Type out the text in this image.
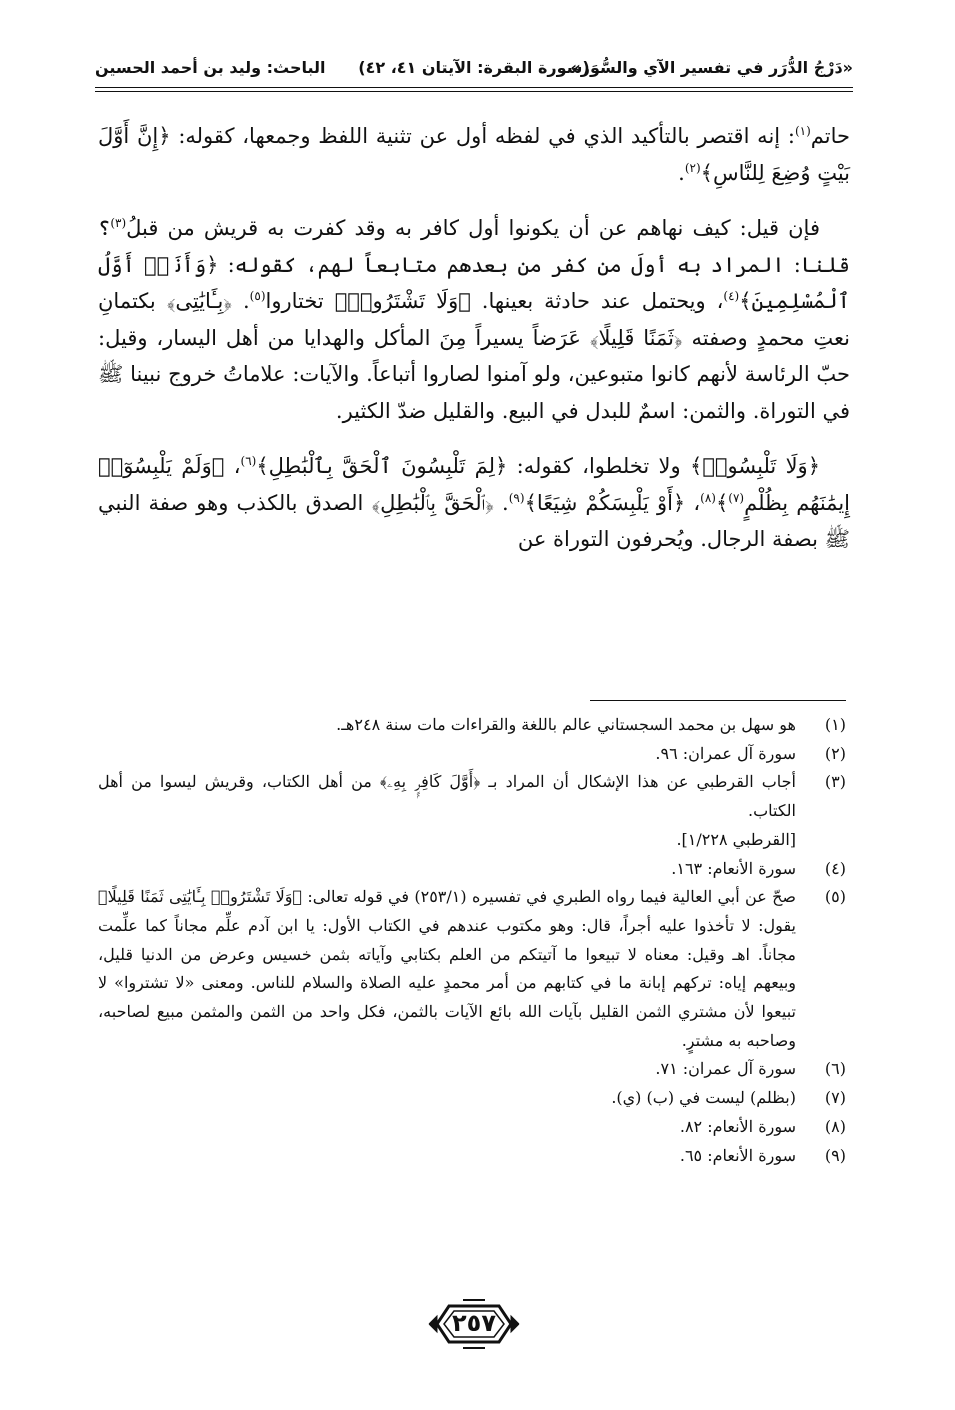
«دَرْجُ الدُّرَر في تفسير الآي والسُّوَر»
(سورة البقرة: الآيتان ٤١، ٤٢)
الباحث: وليد بن أحمد الحسين

حاتم$^{(١)}$: إنه اقتصر بالتأكيد الذي في لفظه أول عن تثنية اللفظ وجمعها، كقوله: ﴿إِنَّ أَوَّلَ بَيْتٍ وُضِعَ لِلنَّاسِ﴾$^{(٢)}$.

فإن قيل: كيف نهاهم عن أن يكونوا أول كافر به وقد كفرت به قريش من قبلُ$^{(٣)}$؟ قلنا: المراد به أولَ من كفر من بعدهم متابعاً لهم، كقوله: ﴿وَأَنَا۠ أَوَّلُ ٱلْمُسْلِمِينَ﴾$^{(٤)}$، ويحتمل عند حادثة بعينها. ﴿وَلَا تَشْتَرُوا۟﴾ تختاروا$^{(٥)}$. ﴿بِـَٔايَٰتِى﴾ بكتمانِ نعتِ محمدٍ وصفته ﴿ثَمَنًا قَلِيلًا﴾ عَرَضاً يسيراً مِنَ المأكل والهدايا من أهل اليسار، وقيل: حبّ الرئاسة لأنهم كانوا متبوعين، ولو آمنوا لصاروا أتباعاً. والآيات: علاماتُ خروج نبينا ﷺ في التوراة. والثمن: اسمٌ للبدل في البيع. والقليل ضدّ الكثير.

﴿وَلَا تَلْبِسُوا۟﴾ ولا تخلطوا، كقوله: ﴿لِمَ تَلْبِسُونَ ٱلْحَقَّ بِٱلْبَٰطِلِ﴾$^{(٦)}$، ﴿وَلَمْ يَلْبِسُوٓا۟ إِيمَٰنَهُم بِظُلْمٍ$^{(٧)}$﴾$^{(٨)}$، ﴿أَوْ يَلْبِسَكُمْ شِيَعًا﴾$^{(٩)}$. ﴿ٱلْحَقَّ بِٱلْبَٰطِلِ﴾ الصدق بالكذب وهو صفة النبي ﷺ بصفة الرجال. ويُحرفون التوراة عن

(١)
هو سهل بن محمد السجستاني عالم باللغة والقراءات مات سنة ٢٤٨هـ.
(٢)
سورة آل عمران: ٩٦.
(٣)
أجاب القرطبي عن هذا الإشكال أن المراد بـ ﴿أَوَّلَ كَافِرٍۭ بِهِۦ﴾ من أهل الكتاب، وقريش ليسوا من أهل الكتاب.
[القرطبي ١/٢٢٨].
(٤)
سورة الأنعام: ١٦٣.
(٥)
صحّ عن أبي العالية فيما رواه الطبري في تفسيره (٢٥٣/١) في قوله تعالى: ﴿وَلَا تَشْتَرُوا۟ بِـَٔايَٰتِى ثَمَنًا قَلِيلًا﴾ يقول: لا تأخذوا عليه أجراً، قال: وهو مكتوب عندهم في الكتاب الأول: يا ابن آدم علِّم مجاناً كما علِّمت مجاناً. اهـ وقيل: معناه لا تبيعوا ما آتيتكم من العلم بكتابي وآياته بثمن خسيس وعرض من الدنيا قليل، وبيعهم إياه: تركهم إبانة ما في كتابهم من أمر محمدٍ عليه الصلاة والسلام للناس. ومعنى «لا تشتروا» لا تبيعوا لأن مشتري الثمن القليل بآيات الله بائع الآيات بالثمن، فكل واحد من الثمن والمثمن مبيع لصاحبه، وصاحبه به مشترٍ.
(٦)
سورة آل عمران: ٧١.
(٧)
(بظلم) ليست في (ب) (ي).
(٨)
سورة الأنعام: ٨٢.
(٩)
سورة الأنعام: ٦٥.
٢٥٧
